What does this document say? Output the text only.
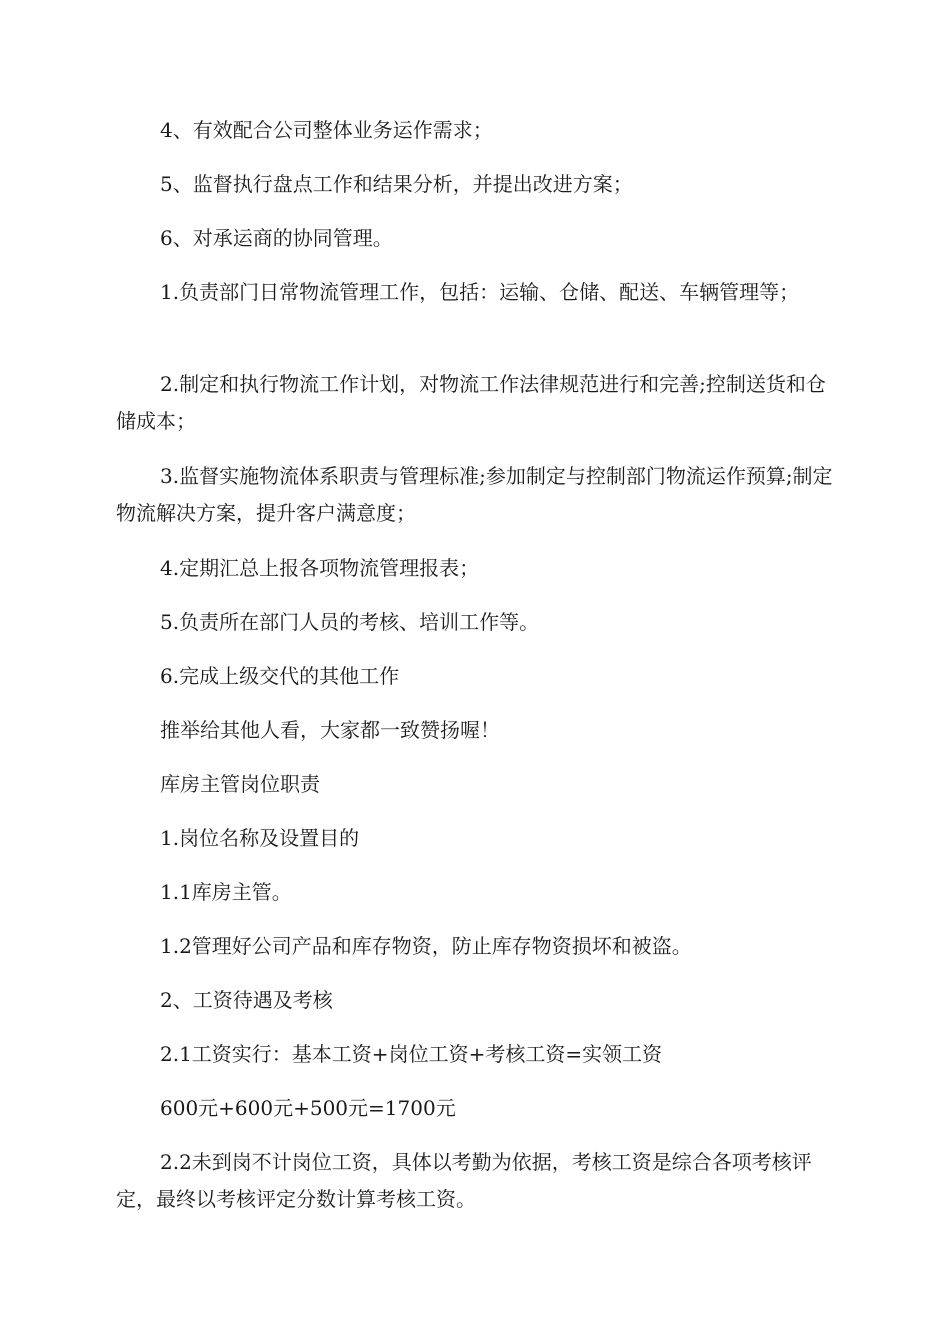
4、有效配合公司整体业务运作需求；

5、监督执行盘点工作和结果分析，并提出改进方案；

6、对承运商的协同管理。

1.负责部门日常物流管理工作，包括：运输、仓储、配送、车辆管理等；

2.制定和执行物流工作计划，对物流工作法律规范进行和完善;控制送货和仓储成本；

3.监督实施物流体系职责与管理标准;参加制定与控制部门物流运作预算;制定物流解决方案，提升客户满意度；

4.定期汇总上报各项物流管理报表；

5.负责所在部门人员的考核、培训工作等。

6.完成上级交代的其他工作

推举给其他人看，大家都一致赞扬喔！

库房主管岗位职责

1.岗位名称及设置目的

1.1库房主管。

1.2管理好公司产品和库存物资，防止库存物资损坏和被盗。

2、工资待遇及考核

2.1工资实行：基本工资+岗位工资+考核工资=实领工资

600元+600元+500元=1700元

2.2未到岗不计岗位工资，具体以考勤为依据，考核工资是综合各项考核评定，最终以考核评定分数计算考核工资。
